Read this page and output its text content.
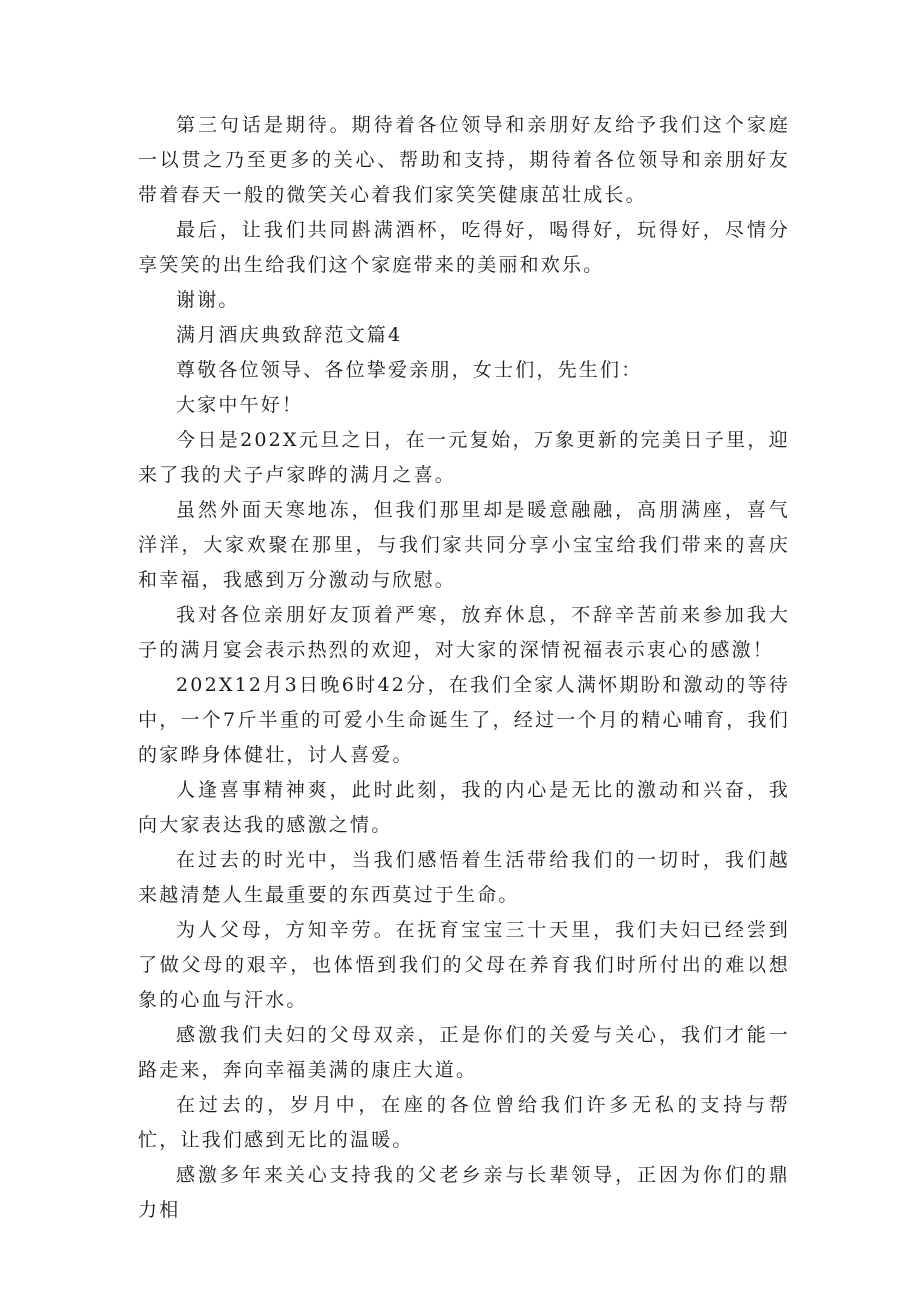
第三句话是期待。期待着各位领导和亲朋好友给予我们这个家庭一以贯之乃至更多的关心、帮助和支持，期待着各位领导和亲朋好友带着春天一般的微笑关心着我们家笑笑健康茁壮成长。

最后，让我们共同斟满酒杯，吃得好，喝得好，玩得好，尽情分享笑笑的出生给我们这个家庭带来的美丽和欢乐。

谢谢。

满月酒庆典致辞范文篇4

尊敬各位领导、各位挚爱亲朋，女士们，先生们：

大家中午好！

今日是202X元旦之日，在一元复始，万象更新的完美日子里，迎来了我的犬子卢家晔的满月之喜。

虽然外面天寒地冻，但我们那里却是暖意融融，高朋满座，喜气洋洋，大家欢聚在那里，与我们家共同分享小宝宝给我们带来的喜庆和幸福，我感到万分激动与欣慰。

我对各位亲朋好友顶着严寒，放弃休息，不辞辛苦前来参加我大子的满月宴会表示热烈的欢迎，对大家的深情祝福表示衷心的感激！

202X12月3日晚6时42分，在我们全家人满怀期盼和激动的等待中，一个7斤半重的可爱小生命诞生了，经过一个月的精心哺育，我们的家晔身体健壮，讨人喜爱。

人逢喜事精神爽，此时此刻，我的内心是无比的激动和兴奋，我向大家表达我的感激之情。

在过去的时光中，当我们感悟着生活带给我们的一切时，我们越来越清楚人生最重要的东西莫过于生命。

为人父母，方知辛劳。在抚育宝宝三十天里，我们夫妇已经尝到了做父母的艰辛，也体悟到我们的父母在养育我们时所付出的难以想象的心血与汗水。

感激我们夫妇的父母双亲，正是你们的关爱与关心，我们才能一路走来，奔向幸福美满的康庄大道。

在过去的，岁月中，在座的各位曾给我们许多无私的支持与帮忙，让我们感到无比的温暖。

感激多年来关心支持我的父老乡亲与长辈领导，正因为你们的鼎力相
